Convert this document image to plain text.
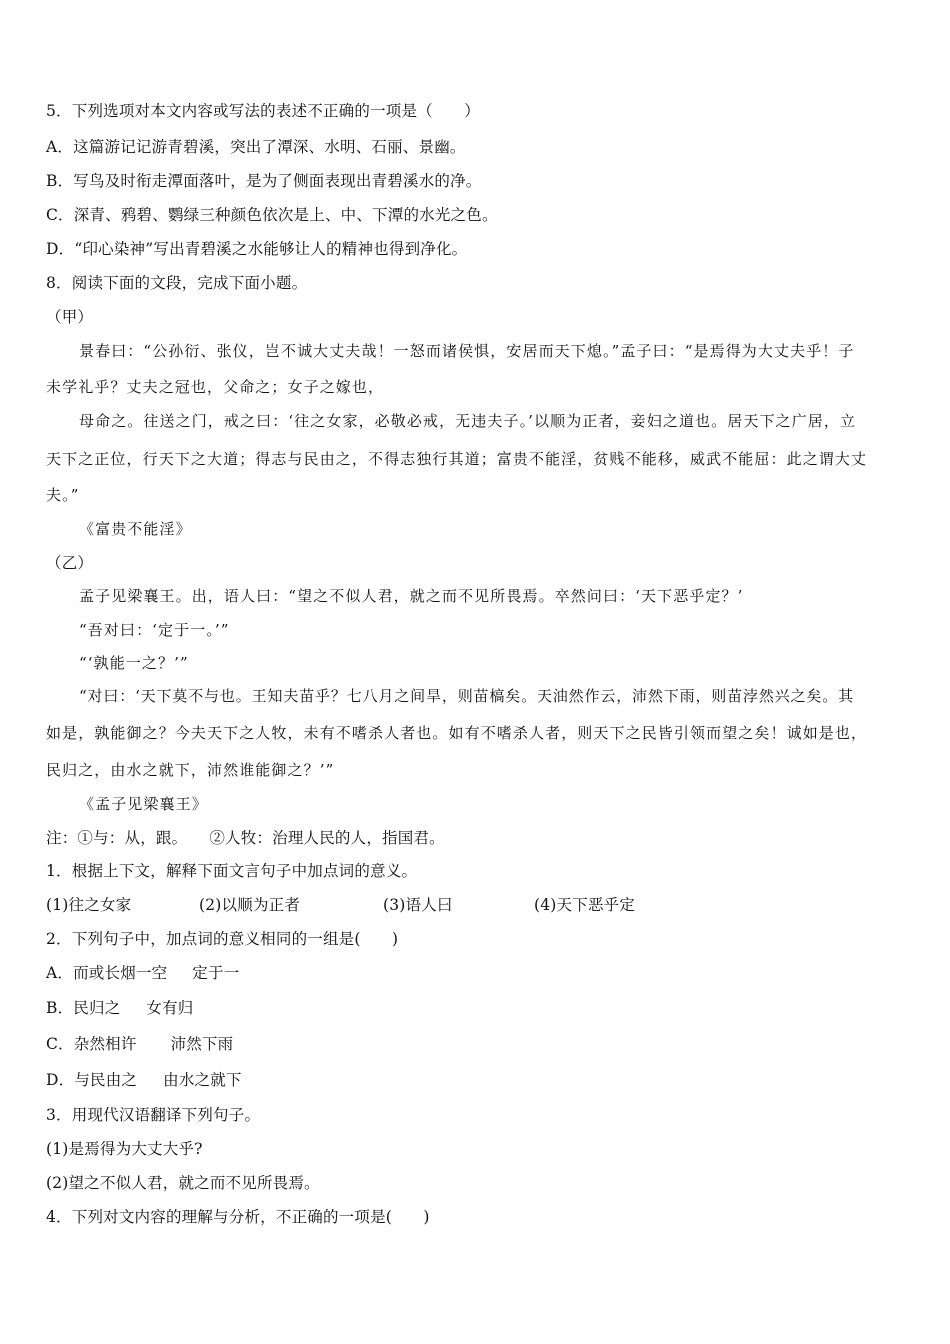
5．下列选项对本文内容或写法的表述不正确的一项是（　　）
A．这篇游记记游青碧溪，突出了潭深、水明、石丽、景幽。
B．写鸟及时衔走潭面落叶，是为了侧面表现出青碧溪水的净。
C．深青、鸦碧、鹦绿三种颜色依次是上、中、下潭的水光之色。
D．“印心染神”写出青碧溪之水能够让人的精神也得到净化。
8．阅读下面的文段，完成下面小题。
（甲）
景春曰：“公孙衍、张仪，岂不诚大丈夫哉！一怒而诸侯惧，安居而天下熄。”孟子曰：“是焉得为大丈夫乎！子
未学礼乎？丈夫之冠也，父命之；女子之嫁也，
母命之。往送之门，戒之曰：‘往之女家，必敬必戒，无违夫子。’以顺为正者，妾妇之道也。居天下之广居，立
天下之正位，行天下之大道；得志与民由之，不得志独行其道；富贵不能淫，贫贱不能移，威武不能屈：此之谓大丈
夫。”
《富贵不能淫》
（乙）
孟子见梁襄王。出，语人曰：“望之不似人君，就之而不见所畏焉。卒然问曰：‘天下恶乎定？’
“吾对曰：‘定于一。’”
“‘孰能一之？’”
“对曰：‘天下莫不与也。王知夫苗乎？七八月之间旱，则苗槁矣。天油然作云，沛然下雨，则苗浡然兴之矣。其
如是，孰能御之？今夫天下之人牧，未有不嗜杀人者也。如有不嗜杀人者，则天下之民皆引领而望之矣！诚如是也，
民归之，由水之就下，沛然谁能御之？’”
《孟子见梁襄王》
注：①与：从，跟。 ②人牧：治理人民的人，指国君。
1．根据上下文，解释下面文言句子中加点词的意义。
(1)往之女家	(2)以顺为正者	(3)语人曰	(4)天下恶乎定
2．下列句子中，加点词的意义相同的一组是(　　)
A．而或长烟一空 定于一
B．民归之 女有归
C．杂然相许 沛然下雨
D．与民由之 由水之就下
3．用现代汉语翻译下列句子。
(1)是焉得为大丈大乎?
(2)望之不似人君，就之而不见所畏焉。
4．下列对文内容的理解与分析，不正确的一项是(　　)
